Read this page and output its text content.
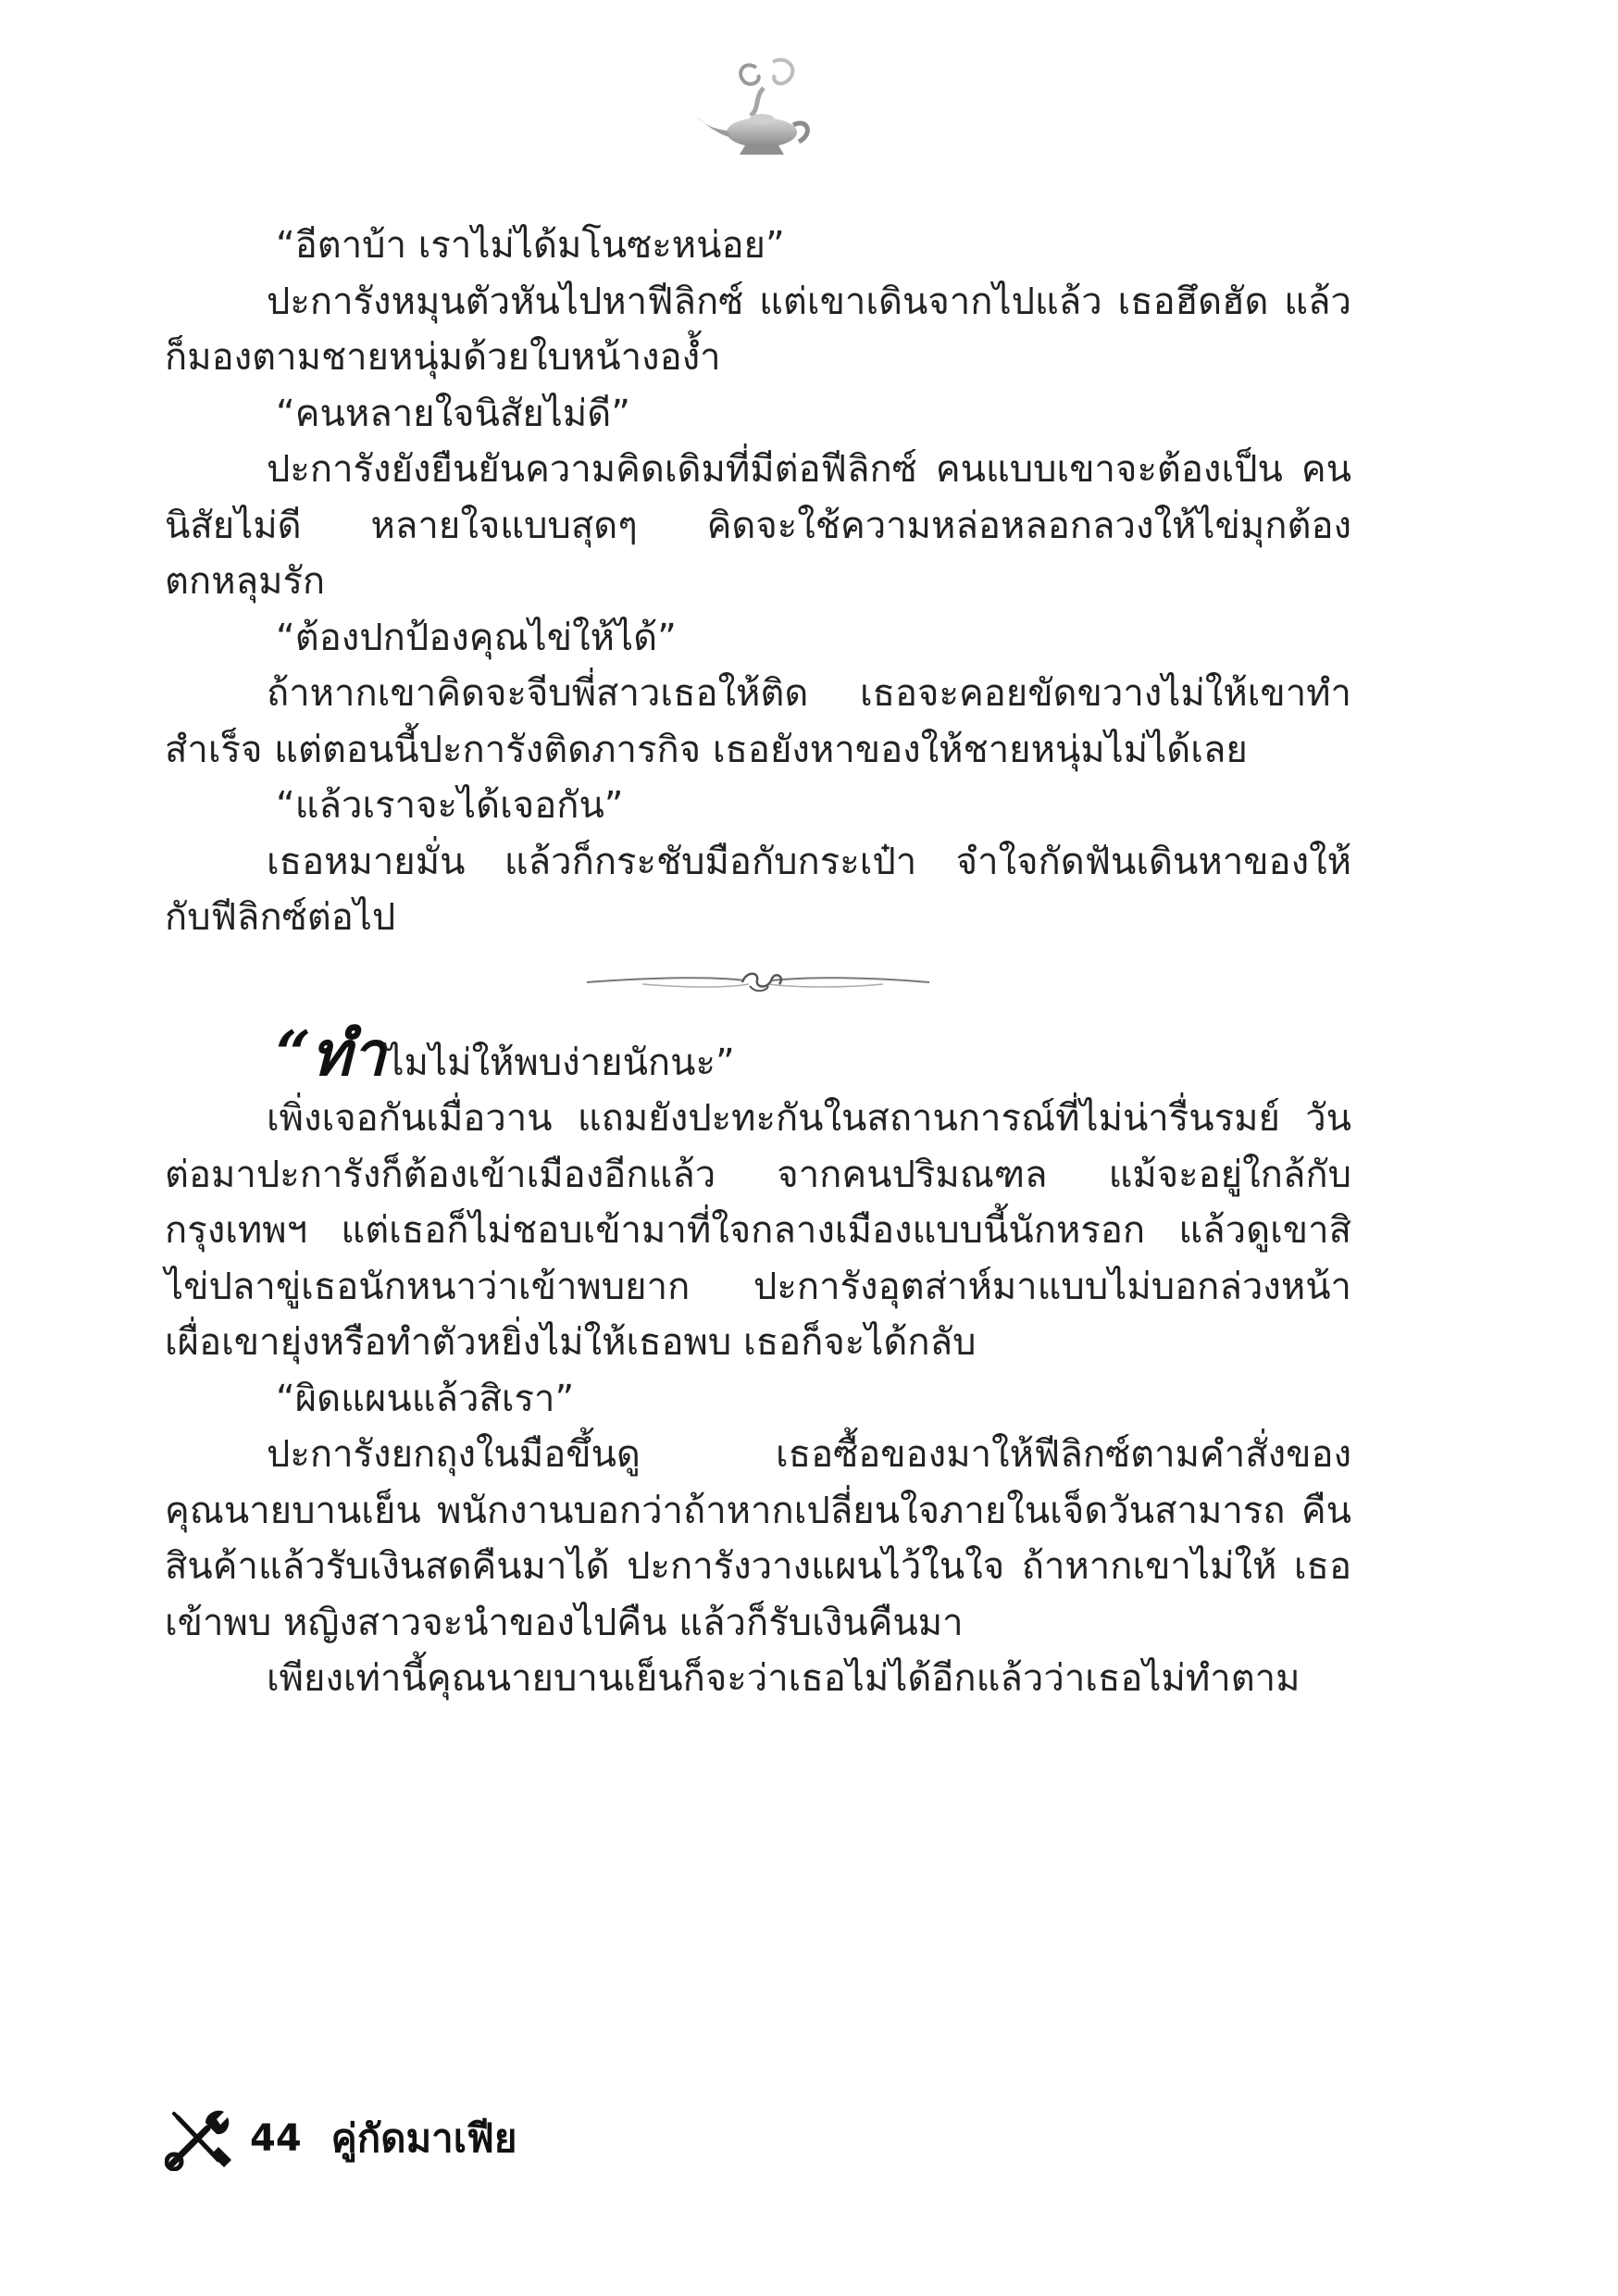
“อีตาบ้า เราไม่ได้มโนซะหน่อย”

ปะการังหมุนตัวหันไปหาฟีลิกซ์ แต่เขาเดินจากไปแล้ว เธอฮึดฮัด แล้วก็มองตามชายหนุ่มด้วยใบหน้างอง้ำ

“คนหลายใจนิสัยไม่ดี”

ปะการังยังยืนยันความคิดเดิมที่มีต่อฟีลิกซ์ คนแบบเขาจะต้องเป็น คนนิสัยไม่ดี หลายใจแบบสุดๆ คิดจะใช้ความหล่อหลอกลวงให้ไข่มุกต้อง ตกหลุมรัก

“ต้องปกป้องคุณไข่ให้ได้”

ถ้าหากเขาคิดจะจีบพี่สาวเธอให้ติด เธอจะคอยขัดขวางไม่ให้เขาทำ สำเร็จ แต่ตอนนี้ปะการังติดภารกิจ เธอยังหาของให้ชายหนุ่มไม่ได้เลย

“แล้วเราจะได้เจอกัน”

เธอหมายมั่น แล้วก็กระชับมือกับกระเป๋า จำใจกัดฟันเดินหาของให้ กับฟีลิกซ์ต่อไป

“ทำไมไม่ให้พบง่ายนักนะ”

เพิ่งเจอกันเมื่อวาน แถมยังปะทะกันในสถานการณ์ที่ไม่น่ารื่นรมย์ วันต่อมาปะการังก็ต้องเข้าเมืองอีกแล้ว จากคนปริมณฑล แม้จะอยู่ใกล้กับ กรุงเทพฯ แต่เธอก็ไม่ชอบเข้ามาที่ใจกลางเมืองแบบนี้นักหรอก แล้วดูเขาสิ ไข่ปลาขู่เธอนักหนาว่าเข้าพบยาก ปะการังอุตส่าห์มาแบบไม่บอกล่วงหน้า เผื่อเขายุ่งหรือทำตัวหยิ่งไม่ให้เธอพบ เธอก็จะได้กลับ

“ผิดแผนแล้วสิเรา”

ปะการังยกถุงในมือขึ้นดู เธอซื้อของมาให้ฟีลิกซ์ตามคำสั่งของ คุณนายบานเย็น พนักงานบอกว่าถ้าหากเปลี่ยนใจภายในเจ็ดวันสามารถ คืนสินค้าแล้วรับเงินสดคืนมาได้ ปะการังวางแผนไว้ในใจ ถ้าหากเขาไม่ให้ เธอเข้าพบ หญิงสาวจะนำของไปคืน แล้วก็รับเงินคืนมา

เพียงเท่านี้คุณนายบานเย็นก็จะว่าเธอไม่ได้อีกแล้วว่าเธอไม่ทำตาม

44 คู่กัดมาเฟีย
